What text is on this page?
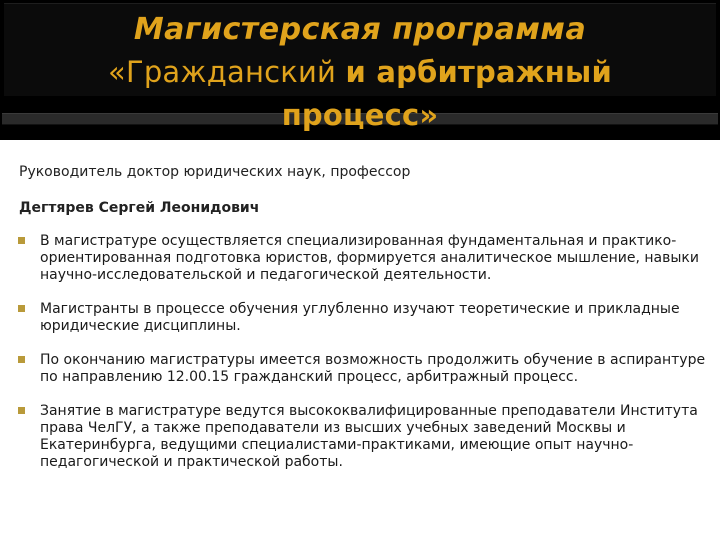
Магистерская программа
«Гражданский и арбитражный
процесс»
Руководитель доктор юридических наук, профессор
Дегтярев Сергей Леонидович
В магистратуре осуществляется специализированная фундаментальная и практико-ориентированная подготовка юристов, формируется аналитическое мышление, навыки научно-исследовательской и педагогической деятельности.
Магистранты в процессе обучения углубленно изучают теоретические и прикладные юридические дисциплины.
По окончанию магистратуры имеется возможность продолжить обучение в аспирантуре по направлению 12.00.15 гражданский процесс, арбитражный процесс.
Занятие в магистратуре ведутся высококвалифицированные преподаватели Института права ЧелГУ, а также преподаватели из высших учебных заведений Москвы и Екатеринбурга, ведущими специалистами-практиками, имеющие опыт научно-педагогической и практической работы.
